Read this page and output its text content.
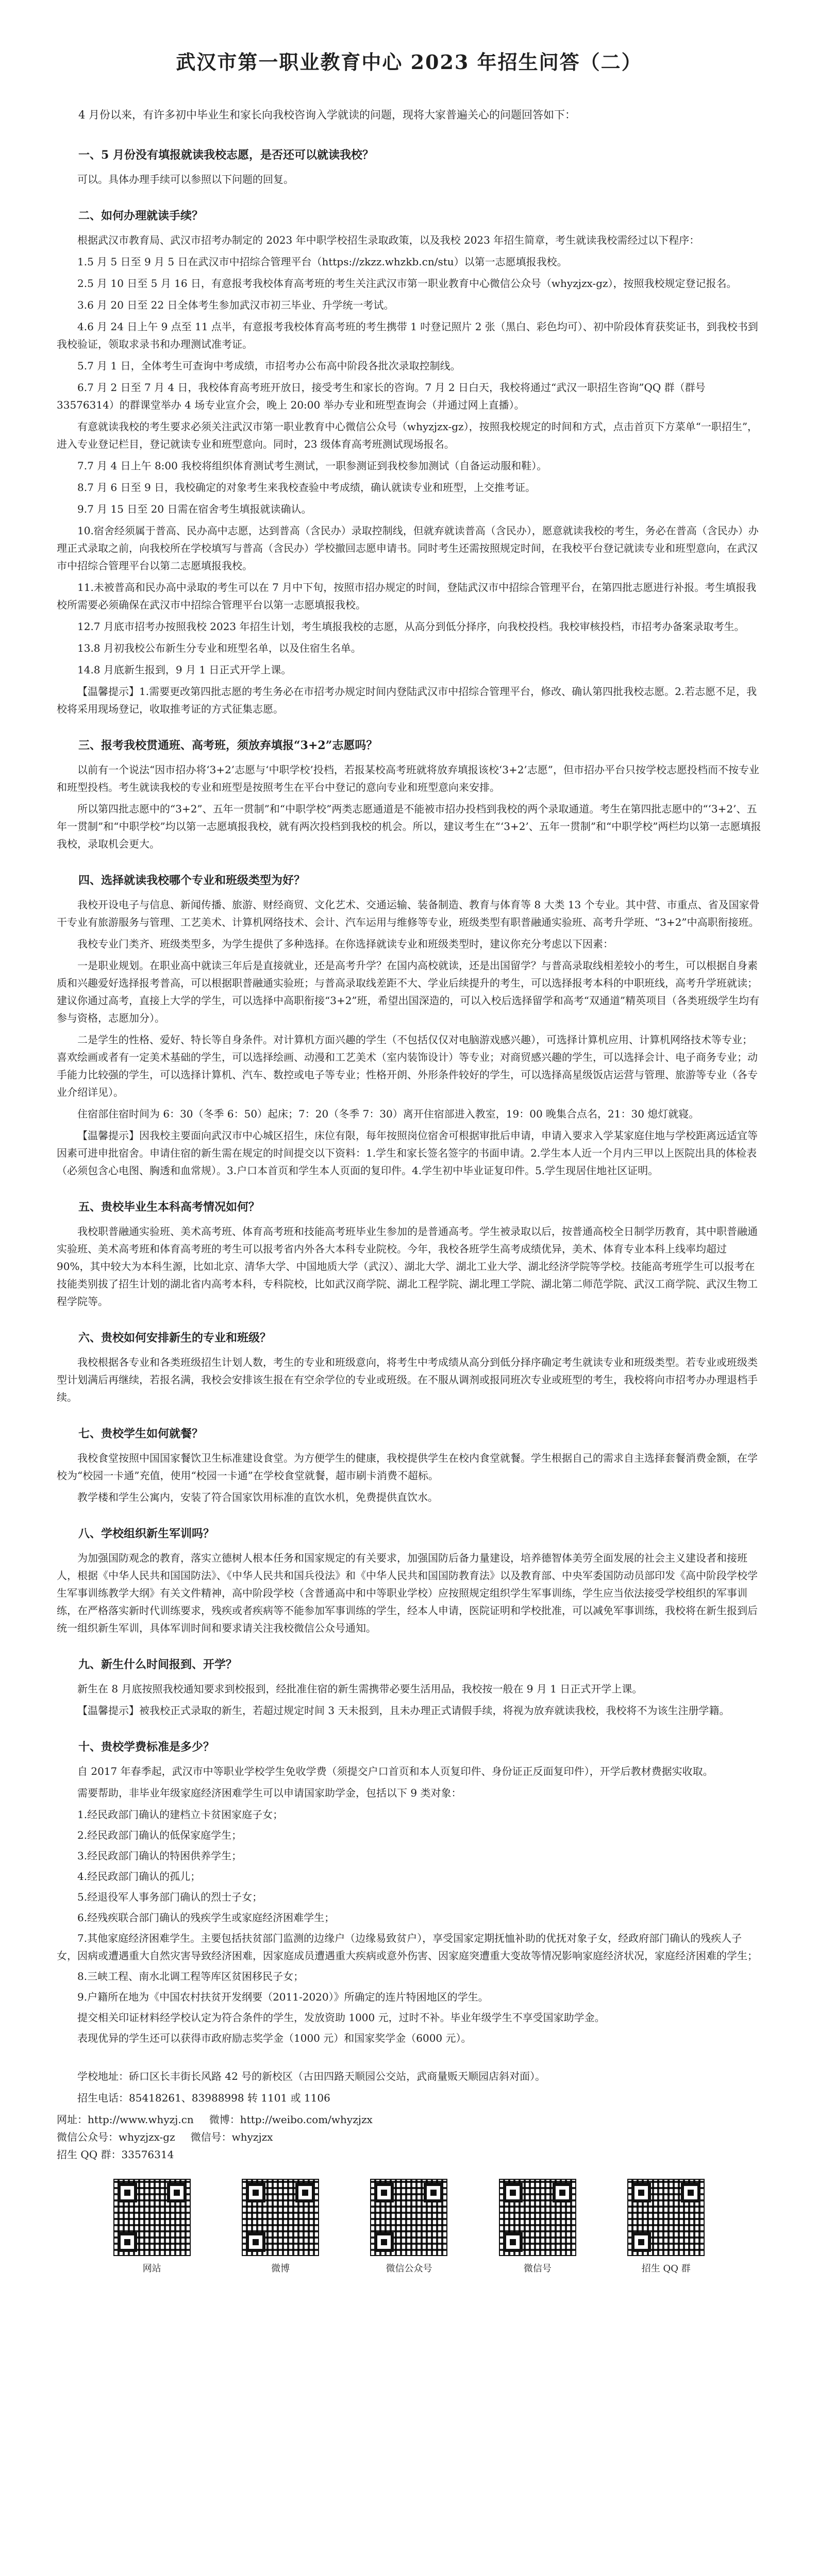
武汉市第一职业教育中心 2023 年招生问答（二）
4 月份以来，有许多初中毕业生和家长向我校咨询入学就读的问题，现将大家普遍关心的问题回答如下：
一、5 月份没有填报就读我校志愿，是否还可以就读我校？
可以。具体办理手续可以参照以下问题的回复。
二、如何办理就读手续？
根据武汉市教育局、武汉市招考办制定的 2023 年中职学校招生录取政策，以及我校 2023 年招生简章，考生就读我校需经过以下程序：
1.5 月 5 日至 9 月 5 日在武汉市中招综合管理平台（https://zkzz.whzkb.cn/stu）以第一志愿填报我校。
2.5 月 10 日至 5 月 16 日，有意报考我校体育高考班的考生关注武汉市第一职业教育中心微信公众号（whyzjzx-gz），按照我校规定登记报名。
3.6 月 20 日至 22 日全体考生参加武汉市初三毕业、升学统一考试。
4.6 月 24 日上午 9 点至 11 点半，有意报考我校体育高考班的考生携带 1 吋登记照片 2 张（黑白、彩色均可）、初中阶段体育获奖证书，到我校书到我校验证，领取求录书和办理测试准考证。
5.7 月 1 日，全体考生可查询中考成绩，市招考办公布高中阶段各批次录取控制线。
6.7 月 2 日至 7 月 4 日，我校体育高考班开放日，接受考生和家长的咨询。7 月 2 日白天，我校将通过“武汉一职招生咨询”QQ 群（群号 33576314）的群课堂举办 4 场专业宣介会，晚上 20:00 举办专业和班型查询会（并通过网上直播）。
有意就读我校的考生要求必须关注武汉市第一职业教育中心微信公众号（whyzjzx-gz），按照我校规定的时间和方式，点击首页下方菜单“一职招生”，进入专业登记栏目，登记就读专业和班型意向。同时，23 级体育高考班测试现场报名。
7.7 月 4 日上午 8:00 我校将组织体育测试考生测试，一职参测证到我校参加测试（自备运动服和鞋）。
8.7 月 6 日至 9 日，我校确定的对象考生来我校查验中考成绩，确认就读专业和班型，上交推考证。
9.7 月 15 日至 20 日需在宿舍考生填报就读确认。
10.宿舍经须属于普高、民办高中志愿，达到普高（含民办）录取控制线，但就弃就读普高（含民办），愿意就读我校的考生，务必在普高（含民办）办理正式录取之前，向我校所在学校填写与普高（含民办）学校撤回志愿申请书。同时考生还需按照规定时间，在我校平台登记就读专业和班型意向，在武汉市中招综合管理平台以第二志愿填报我校。
11.未被普高和民办高中录取的考生可以在 7 月中下旬，按照市招办规定的时间，登陆武汉市中招综合管理平台，在第四批志愿进行补报。考生填报我校所需要必须确保在武汉市中招综合管理平台以第一志愿填报我校。
12.7 月底市招考办按照我校 2023 年招生计划，考生填报我校的志愿，从高分到低分择序，向我校投档。我校审核投档，市招考办备案录取考生。
13.8 月初我校公布新生分专业和班型名单，以及住宿生名单。
14.8 月底新生报到，9 月 1 日正式开学上课。
【温馨提示】1.需要更改第四批志愿的考生务必在市招考办规定时间内登陆武汉市中招综合管理平台，修改、确认第四批我校志愿。2.若志愿不足，我校将采用现场登记，收取推考证的方式征集志愿。
三、报考我校贯通班、高考班，须放弃填报“3+2”志愿吗？
以前有一个说法“因市招办将‘3+2’志愿与‘中职学校’投档，若报某校高考班就将放弃填报该校‘3+2’志愿”，但市招办平台只按学校志愿投档而不按专业和班型投档。考生就读我校的专业和班型是按照考生在平台中登记的意向专业和班型意向来安排。
所以第四批志愿中的“3+2”、五年一贯制”和“中职学校”两类志愿通道是不能被市招办投档到我校的两个录取通道。考生在第四批志愿中的“‘3+2’、五年一贯制”和“中职学校”均以第一志愿填报我校，就有两次投档到我校的机会。所以，建议考生在“‘3+2’、五年一贯制”和“中职学校”两栏均以第一志愿填报我校，录取机会更大。
四、选择就读我校哪个专业和班级类型为好？
我校开设电子与信息、新闻传播、旅游、财经商贸、文化艺术、交通运输、装备制造、教育与体育等 8 大类 13 个专业。其中营、市重点、省及国家骨干专业有旅游服务与管理、工艺美术、计算机网络技术、会计、汽车运用与维修等专业，班级类型有职普融通实验班、高考升学班、“3+2”中高职衔接班。
我校专业门类齐、班级类型多，为学生提供了多种选择。在你选择就读专业和班级类型时，建议你充分考虑以下因素：
一是职业规划。在职业高中就读三年后是直接就业，还是高考升学？在国内高校就读，还是出国留学？与普高录取线相差较小的考生，可以根据自身素质和兴趣爱好选择报考普高，可以根据职普融通实验班；与普高录取线差距不大、学业后续提升的考生，可以选择报考本科的中职班线，高考升学班就读；建议你通过高考，直接上大学的学生，可以选择中高职衔接“3+2”班，希望出国深造的，可以入校后选择留学和高考“双通道”精英项目（各类班级学生均有参与资格，志愿加分）。
二是学生的性格、爱好、特长等自身条件。对计算机方面兴趣的学生（不包括仅仅对电脑游戏感兴趣），可选择计算机应用、计算机网络技术等专业；喜欢绘画或者有一定美术基础的学生，可以选择绘画、动漫和工艺美术（室内装饰设计）等专业；对商贸感兴趣的学生，可以选择会计、电子商务专业；动手能力比较强的学生，可以选择计算机、汽车、数控或电子等专业；性格开朗、外形条件较好的学生，可以选择高星级饭店运营与管理、旅游等专业（各专业介绍详见）。
住宿部住宿时间为 6：30（冬季 6：50）起床；7：20（冬季 7：30）离开住宿部进入教室，19：00 晚集合点名，21：30 熄灯就寝。
【温馨提示】因我校主要面向武汉市中心城区招生，床位有限，每年按照岗位宿舍可根据审批后申请，申请入要求入学某家庭住地与学校距离远适宜等因素可进申批宿舍。申请住宿的新生需在规定的时间提交以下资料：1.学生和家长签名签字的书面申请。2.学生本人近一个月内三甲以上医院出具的体检表（必须包含心电图、胸透和血常规）。3.户口本首页和学生本人页面的复印件。4.学生初中毕业证复印件。5.学生现居住地社区证明。
五、贵校毕业生本科高考情况如何？
我校职普融通实验班、美术高考班、体育高考班和技能高考班毕业生参加的是普通高考。学生被录取以后，按普通高校全日制学历教育，其中职普融通实验班、美术高考班和体育高考班的考生可以报考省内外各大本科专业院校。今年，我校各班学生高考成绩优异，美术、体育专业本科上线率均超过 90%，其中较大为本科生源，比如北京、清华大学、中国地质大学（武汉）、湖北大学、湖北工业大学、湖北经济学院等学校。技能高考班学生可以报考在技能类别拔了招生计划的湖北省内高考本科，专科院校，比如武汉商学院、湖北工程学院、湖北理工学院、湖北第二师范学院、武汉工商学院、武汉生物工程学院等。
六、贵校如何安排新生的专业和班级？
我校根据各专业和各类班级招生计划人数，考生的专业和班级意向，将考生中考成绩从高分到低分择序确定考生就读专业和班级类型。若专业或班级类型计划满后再继续，若报名满，我校会安排该生报在有空余学位的专业或班级。在不服从调剂或报同班次专业或班型的考生，我校将向市招考办办理退档手续。
七、贵校学生如何就餐？
我校食堂按照中国国家餐饮卫生标准建设食堂。为方便学生的健康，我校提供学生在校内食堂就餐。学生根据自己的需求自主选择套餐消费金额，在学校为“校园一卡通”充值，使用“校园一卡通”在学校食堂就餐，超市刷卡消费不超标。
教学楼和学生公寓内，安装了符合国家饮用标准的直饮水机，免费提供直饮水。
八、学校组织新生军训吗？
为加强国防观念的教育，落实立德树人根本任务和国家规定的有关要求，加强国防后备力量建设，培养德智体美劳全面发展的社会主义建设者和接班人，根据《中华人民共和国国防法》、《中华人民共和国兵役法》和《中华人民共和国国防教育法》以及教育部、中央军委国防动员部印发《高中阶段学校学生军事训练教学大纲》有关文件精神，高中阶段学校（含普通高中和中等职业学校）应按照规定组织学生军事训练，学生应当依法接受学校组织的军事训练，在严格落实新时代训练要求，残疾或者疾病等不能参加军事训练的学生，经本人申请，医院证明和学校批准，可以减免军事训练，我校将在新生报到后统一组织新生军训，具体军训时间和要求请关注我校微信公众号通知。
九、新生什么时间报到、开学？
新生在 8 月底按照我校通知要求到校报到，经批准住宿的新生需携带必要生活用品，我校按一般在 9 月 1 日正式开学上课。
【温馨提示】被我校正式录取的新生，若超过规定时间 3 天未报到，且未办理正式请假手续，将视为放弃就读我校，我校将不为该生注册学籍。
十、贵校学费标准是多少？
自 2017 年春季起，武汉市中等职业学校学生免收学费（须提交户口首页和本人页复印件、身份证正反面复印件），开学后教材费据实收取。
需要帮助，非毕业年级家庭经济困难学生可以申请国家助学金，包括以下 9 类对象：
1.经民政部门确认的建档立卡贫困家庭子女；
2.经民政部门确认的低保家庭学生；
3.经民政部门确认的特困供养学生；
4.经民政部门确认的孤儿；
5.经退役军人事务部门确认的烈士子女；
6.经残疾联合部门确认的残疾学生或家庭经济困难学生；
7.其他家庭经济困难学生。主要包括扶贫部门监测的边缘户（边缘易致贫户），享受国家定期抚恤补助的优抚对象子女，经政府部门确认的残疾人子女，因病或遭遇重大自然灾害导致经济困难，因家庭成员遭遇重大疾病或意外伤害、因家庭突遭重大变故等情况影响家庭经济状况，家庭经济困难的学生；
8.三峡工程、南水北调工程等库区贫困移民子女；
9.户籍所在地为《中国农村扶贫开发纲要（2011-2020）》所确定的连片特困地区的学生。
提交相关印证材料经学校认定为符合条件的学生，发放资助 1000 元，过时不补。毕业年级学生不享受国家助学金。
表现优异的学生还可以获得市政府励志奖学金（1000 元）和国家奖学金（6000 元）。
学校地址：硚口区长丰街长风路 42 号的新校区（古田四路天顺园公交站，武商量贩天顺园店斜对面）。
招生电话：85418261、83988998 转 1101 或 1106
网址：http://www.whyzj.cn 微博：http://weibo.com/whyzjzx
微信公众号：whyzjzx-gz 微信号：whyzjzx
招生 QQ 群：33576314
网站	微博	微信公众号	微信号	招生 QQ 群
